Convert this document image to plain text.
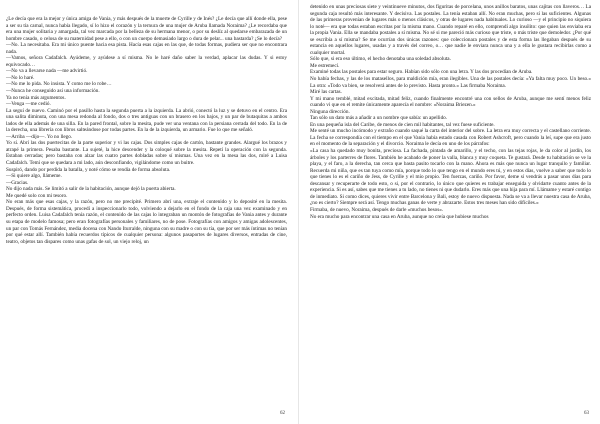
¿Le decía que era la mejor y única amiga de Vania, y más después de la muerte de Cyrille y de Inés? ¿Le decía que allí donde ella, pese a ser su tía carnal, nunca había llegado, sí lo hizo el corazón y la ternura de una mujer de Aruba llamada Noraima? ¿Le recordaba que era una mujer solitaria y amargada, tal vez marcada por la belleza de su hermana menor, o por su deslíz al quedarse embarazada de un hombre casado, o celosa de su maternidad pese a ello, o con un cuerpo demasiado largo o dura de pelar... una bastarda? ¿Se lo decía?

—No. La necesitaba. Era mi único puente hacia esa pista. Hacía esas cajas en las que, de todas formas, pudiera ser que no encontrara nada.

—Vamos, señora Cadafalch. Ayúdeme, y ayúdese a sí misma. No le haré daño saber la verdad, aplacar las dudas. Y si estoy equivocado…

—No va a llevarse nada —me advirtió.

—No lo haré.

—No me lo pida. No insista. Y como me lo robe…

—Nunca he conseguido así una información.

Ya no tenía más argumentos.

—Venga —me cedió.

La seguí de nuevo. Caminó por el pasillo hasta la segunda puerta a la izquierda. La abrió, conectó la luz y se detuvo en el centro. Era una salita diminuta, con una mesa redonda al fondo, dos o tres antiguas con un brasero en los bajos, y un par de butaquitas a ambos lados de ella además de una silla. En la pared frontal, sobre la mesita, pude ver una ventana con la persiana cerrada del todo. En la de la derecha, una librería con libros salteándose por todas partes. En la de la izquierda, un armario. Fue lo que me señaló.

—Arriba —dijo—. Yo no llego.

Yo sí. Abrí las dos puertecitas de la parte superior y vi las cajas. Dos simples cajas de cartón, bastante grandes. Alargué los brazos y atrapé la primera. Pesaba bastante. La sujeté, la hice descender y la coloqué sobre la mesita. Repetí la operación con la segunda. Estaban cerradas; pero bastaba con alzar las cuatro partes dobladas sobre sí mismas. Una vez en la mesa las dos, miré a Luisa Cadafalch. Temí que se quedara a mi lado, aún desconfiando, vigilándome como un buitre.

Suspiró, dando por perdida la batalla, y noté cómo se rendía de forma absoluta.

—Si quiere algo, llámeme.

—Gracias.

No dijo nada más. Se limitó a salir de la habitación, aunque dejó la puerta abierta.

Me quedé solo con mi tesoro.

No eran más que esas cajas, y la razón, pero no me precipité. Primero abrí una, extraje el contenido y lo deposité en la mesita. Después, de forma sistemática, procedí a inspeccionarlo todo, volviendo a dejarlo en el fondo de la caja una vez examinado y en perfecto orden. Luisa Cadafalch tenía razón, el contenido de las cajas lo integraban un montón de fotografías de Vania antes y durante su etapa de modelo famosa; pero eran fotografías personales y familiares, no de pose. Fotografías con amigos y amigas adolescentes, un par con Tomás Fernández, media docena con Nando Iturralde, ninguna con su madre o con su tía, que por ser más íntimas no tenían por qué estar allí. También había recuerdos típicos de cualquier persona: algunos pasaportes de lugares diversos, entradas de cine, teatro, objetos tan dispares como unas gafas de sol, un viejo reloj, un

62

detenido en unas preciosas siete y veintinueve minutos, dos figuritas de porcelana, unos anillos baratos, unas cajitas con llaveros… La segunda caja resultó más interesante. Y decisiva. Las postales. La tenía estaban allí. No eran muchas, pero sí las suficientes. Algunas de las primeras provenían de lugares más o menos clásicos, y otras de lugares nada habituales. Lo curioso —y el principio no siquiera lo noté— era que todas estaban escritas por la misma mano. Cuando reparé en ello, comprendí algo insólito: que quien las enviaba era la propia Vania. Ella se mandaba postales a sí misma. No sé si me pareció más curioso que triste, o más triste que demoledor. ¿Por qué se escribía a sí misma? Se me ocurrían dos únicas razones: que coleccionara postales y de esta forma las llegaban después de su estancia en aquellos lugares, usadas y a través del correo, o… que nadie le enviara nunca una y a ella le gustara recibirlas como a cualquier mortal.

Sólo que, si era eso último, el hecho denotaba una soledad absoluta.

Me estremecí.

Examiné todas las postales para estar seguro. Habían sido sólo con una letra. Y las dos procedían de Aruba.

No había fechas, y las de los matasellos, para maldición mía, eran ilegibles. Una de las postales decía: «Ya falta muy poco. Un beso.» La otra: «Todo va bien, se resolverá antes de lo previsto. Hasta pronto.» Las firmaba Noraima.

Miré las cartas.

Y mi mano temblé, mitad excitada, mitad feliz, cuando finalmente encontré una con sellos de Aruba, aunque me sentí menos feliz cuando vi que en el remite únicamente aparecía el nombre: «Noraima Briezen.»

Ninguna dirección.

Tan sólo un dato más a añadir a un nombre que sabía: un apellido.

En una pequeña isla del Caribe, de menos de cien mil habitantes, tal vez fuese suficiente.

Me senté un mucho incómodo y extraño cuando saqué la carta del interior del sobre. La letra era muy correcta y el castellano corriente. La fecha se correspondía con el tiempo en el que Vania había estado casada con Robert Ashcroft, pero cuando la leí, supe que era justo en el momento de la separación y el divorcio. Noraima le decía en uno de los párrafos:

«La casa ha quedado muy bonita, preciosa. La fachada, pintada de amarillo, y el techo, con las tejas rojas, le da color al jardín, los árboles y los parterres de flores. También he acabado de poner la valla, blanca y muy coqueta. Te gustará. Desde tu habitación se ve la playa, y el faro, a la derecha, tan cerca que basta pasito tocarlo con la mano. Ahora es más que nunca un lugar tranquilo y familiar. Recuerda mi niña, que es tan tuya como mía, porque todo lo que tengo en el mundo eres tú, y en estos días, vuelve a saber que todo lo que tienes lo es el cariño de Jess, de Cyrille y el mío propio. Ten fuerzas, cariño. Por favor, deme sí vendrás a pasar unos días para descansar y recuperarte de todo esto, o si, por el contrario, lo único que quieres es trabajar enseguida y olvidarte cuanto antes de la experiencia. Si es así, sabes que me tienes a tu lado, no tienes ni que dudarlo. Eres más que una hija para mí. Llámame y estaré contigo de inmediato. Si como dices, quieres vivir entre Barcelona y Bali, estoy de nuevo dispuesta. Nada se va a llevar nuestra casa de Aruba, ¿no es cierto? Siempre será así. Tengo muchas ganas de verte y abrazarte. Estos tres meses han sido difíciles.»

Firmaba, de nuevo, Noraima, después de darle «muchos besos».

No era mucho para encontrar una casa en Aruba, aunque no creía que hubiese muchos

63
